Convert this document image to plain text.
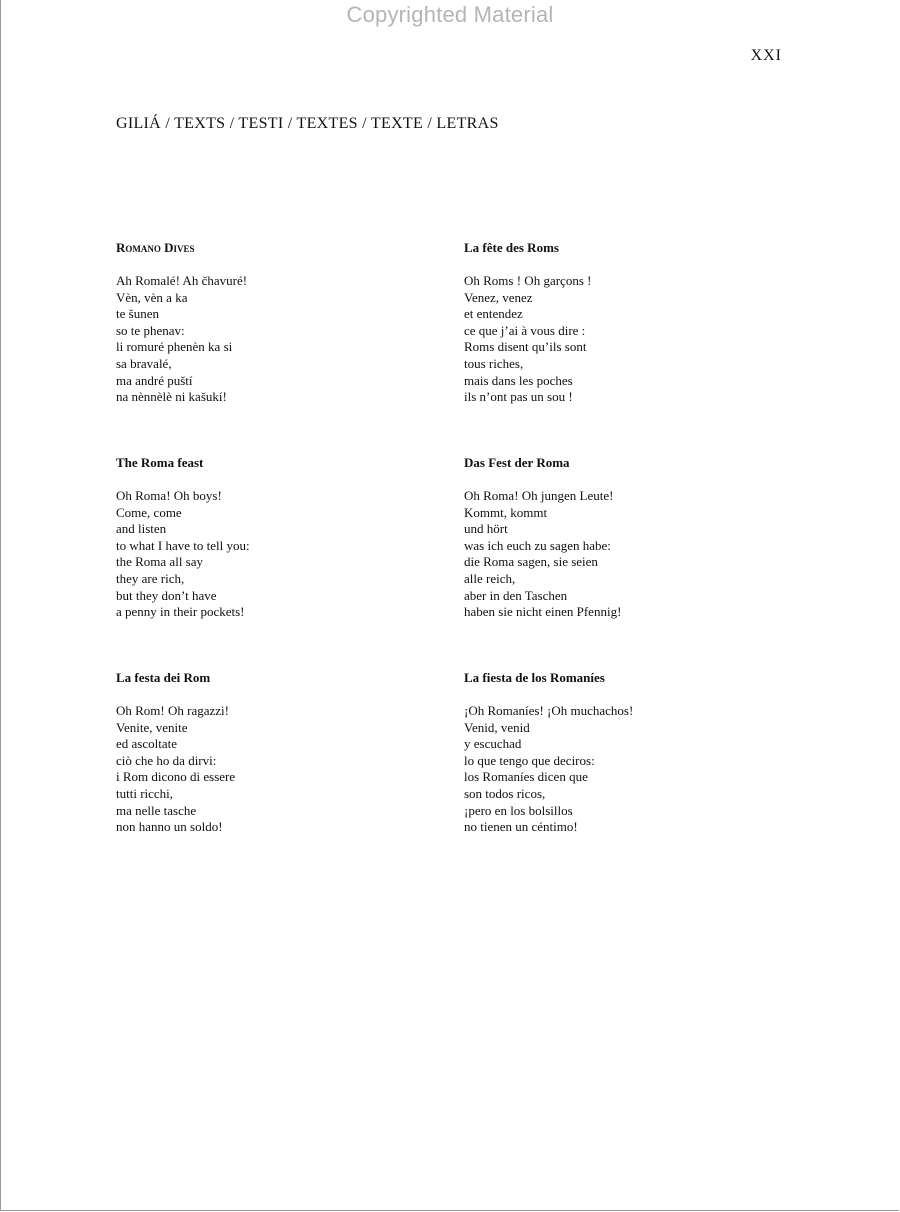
Copyrighted Material
XXI
GILIÁ / TEXTS / TESTI / TEXTES / TEXTE / LETRAS
Romano Dives
Ah Romalé! Ah čhavuré!
Vèn, vèn a ka
te šunen
so te phenav:
li romuré phenèn ka si
sa bravalé,
ma andré puští
na nènnèlè ni kašukí!
La fête des Roms
Oh Roms ! Oh garçons !
Venez, venez
et entendez
ce que j’ai à vous dire :
Roms disent qu’ils sont
tous riches,
mais dans les poches
ils n’ont pas un sou !
The Roma feast
Oh Roma! Oh boys!
Come, come
and listen
to what I have to tell you:
the Roma all say
they are rich,
but they don’t have
a penny in their pockets!
Das Fest der Roma
Oh Roma! Oh jungen Leute!
Kommt, kommt
und hört
was ich euch zu sagen habe:
die Roma sagen, sie seien
alle reich,
aber in den Taschen
haben sie nicht einen Pfennig!
La festa dei Rom
Oh Rom! Oh ragazzi!
Venite, venite
ed ascoltate
ciò che ho da dirvi:
i Rom dicono di essere
tutti ricchi,
ma nelle tasche
non hanno un soldo!
La fiesta de los Romaníes
¡Oh Romaníes! ¡Oh muchachos!
Venid, venid
y escuchad
lo que tengo que deciros:
los Romaníes dicen que
son todos ricos,
¡pero en los bolsillos
no tienen un céntimo!
